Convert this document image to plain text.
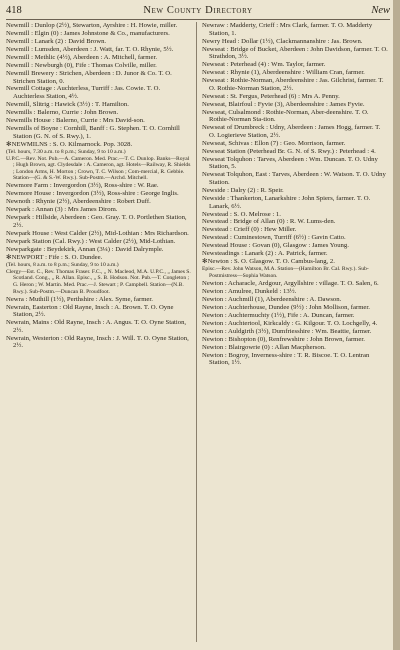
418	New County Directory	New

Newmill : Dunlop (2½), Stewarton, Ayrshire : H. Howie, miller.

Newmill : Elgin (0) : James Johnstone & Co., manufacturers.

Newmill : Lanark (2) : David Brown.

Newmill : Lumsden, Aberdeen : J. Watt, far. T. O. Rhynie, 5½.

Newmill : Methlic (4½), Aberdeen : A. Mitchell, farmer.

Newmill : Newburgh (0), Fife : Thomas Colville, miller.

Newmill Brewery : Strichen, Aberdeen : D. Junor & Co. T. O. Strichen Station, 0.

Newmill Cottage : Auchterless, Turriff : Jas. Cowie. T. O. Auchterless Station, 4½.

Newmill, Slitrig : Hawick (3½) : T. Hamilton.

Newmills : Balerno, Currie : John Brown.

Newmills House : Balerno, Currie : Mrs David-son.

Newmills of Boyne : Cornhill, Banff : G. Stephen. T. O. Cornhill Station (G. N. of S. Rwy.), 1.

✻NEWMILNS : S. O. Kilmarnock. Pop. 3028.

(Tel. hours, 7.30 a.m. to 8 p.m.; Sunday, 9 to 10 a.m.)

U.P.C.—Rev. Not. Pub.—A. Cameron. Med. Prac.—T. C. Dunlop. Banks—Royal ; Hugh Brown, agt. Clydesdale : A. Cameron, agt. Hotels—Railway, R. Shields ; London Arms, H. Morton ; Crown, T. C. Wilson ; Com-mercial, R. Gebbie. Station—(G. & S.-W. Rwy.). Sub-Postm.—Archd. Mitchell.

Newmore Farm : Invergordon (3½), Ross-shire : W. Rae.

Newmore House : Invergordon (3½), Ross-shire : George Inglis.

Newnoth : Rhynie (2½), Aberdeenshire : Robert Duff.

Newpark : Annan (3) : Mrs James Dirom.

Newpark : Hillside, Aberdeen : Geo. Gray. T. O. Portlethen Station, 2½.

Newpark House : West Calder (2½), Mid-Lothian : Mrs Richardson.

Newpark Station (Cal. Rwy.) : West Calder (2½), Mid-Lothian.

Newparkgate : Beydekirk, Annan (3¼) : David Dalrymple.

✻NEWPORT : Fife : S. O. Dundee.

(Tel. hours, 8 a.m. to 8 p.m.; Sunday, 9 to 10 a.m.)

Clergy—Est. C., Rev. Thomas Fraser. F.C., „ N. Macleod, M.A. U.P.C., „ James S. Scotland. Cong., „ R. Allan. Episc., „ S. B. Hodson. Not. Pub.—T. Congleton ; G. Heron ; W. Martin. Med. Prac.—J. Stewart ; P. Campbell. Station—(N.B. Rwy.). Sub-Postm.—Duncan B. Proudfoot.

Newra : Muthill (1½), Perthshire : Alex. Syme, farmer.

Newrain, Easterton : Old Rayne, Insch : A. Brown. T. O. Oyne Station, 2½.

Newrain, Mains : Old Rayne, Insch : A. Angus. T. O. Oyne Station, 2½.

Newrain, Westerton : Old Rayne, Insch : J. Will. T. O. Oyne Station, 2½.

Newraw : Madderty, Crieff : Mrs Clark, farmer. T. O. Madderty Station, 1.

Newry Head : Dollar (1½), Clackmannanshire : Jas. Brown.

Newseat : Bridge of Bucket, Aberdeen : John Davidson, farmer. T. O. Strathdon, 3½.

Newseat : Peterhead (4) : Wm. Taylor, farmer.

Newseat : Rhynie (1), Aberdeenshire : William Cran, farmer.

Newseat : Rothie-Norman, Aberdeenshire : Jas. Gilchrist, farmer. T. O. Rothie-Norman Station, 2½.

Newseat : St. Fergus, Peterhead (6) : Mrs A. Penny.

Newseat, Blairfoul : Fyvie (3), Aberdeenshire : James Fyvie.

Newseat, Culsalmond : Rothie-Norman, Aber-deenshire. T. O. Rothie-Norman Sta-tion.

Newseat of Drumbreck : Udny, Aberdeen : James Hogg, farmer. T. O. Logierieve Station, 2½.

Newseat, Schivas : Ellon (7) : Geo. Morrison, farmer.

Newseat Station (Peterhead Br. G. N. of S. Rwy.) : Peterhead : 4.

Newseat Tolquhon : Tarves, Aberdeen : Wm. Duncan. T. O. Udny Station, 5.

Newseat Tolquhon, East : Tarves, Aberdeen : W. Watson. T. O. Udny Station.

Newside : Dalry (2) : R. Speir.

Newside : Thankerton, Lanarkshire : John Spiers, farmer. T. O. Lanark, 6½.

Newstead : S. O. Melrose : 1.

Newstead : Bridge of Allan (0) : R. W. Lums-den.

Newstead : Crieff (0) : Hew Miller.

Newstead : Cuminestown, Turriff (6½) : Gavin Catto.

Newstead House : Govan (0), Glasgow : James Young.

Newsteadings : Lanark (2) : A. Patrick, farmer.

✻Newton : S. O. Glasgow. T. O. Cambus-lang, 2.

Episc.—Rev. John Watson, M.A. Station—(Hamilton Br. Cal. Rwy.). Sub-Postmistress—Sophia Watson.

Newton : Acharacle, Ardgour, Argyllshire : village. T. O. Salen, 6.

Newton : Amulree, Dunkeld : 13½.

Newton : Auchmill (1), Aberdeenshire : A. Dawson.

Newton : Auchterhouse, Dundee (9½) : John Mollison, farmer.

Newton : Auchtermuchty (1½), Fife : A. Duncan, farmer.

Newton : Auchtertool, Kirkcaldy : G. Kilgour. T. O. Lochgelly, 4.

Newton : Auldgirth (3½), Dumfriesshire : Wm. Beattie, farmer.

Newton : Bishopton (0), Renfrewshire : John Brown, farmer.

Newton : Blairgowrie (0) : Allan Macpherson.

Newton : Bogroy, Inverness-shire : T. R. Biscoe. T. O. Lentran Station, 1½.
